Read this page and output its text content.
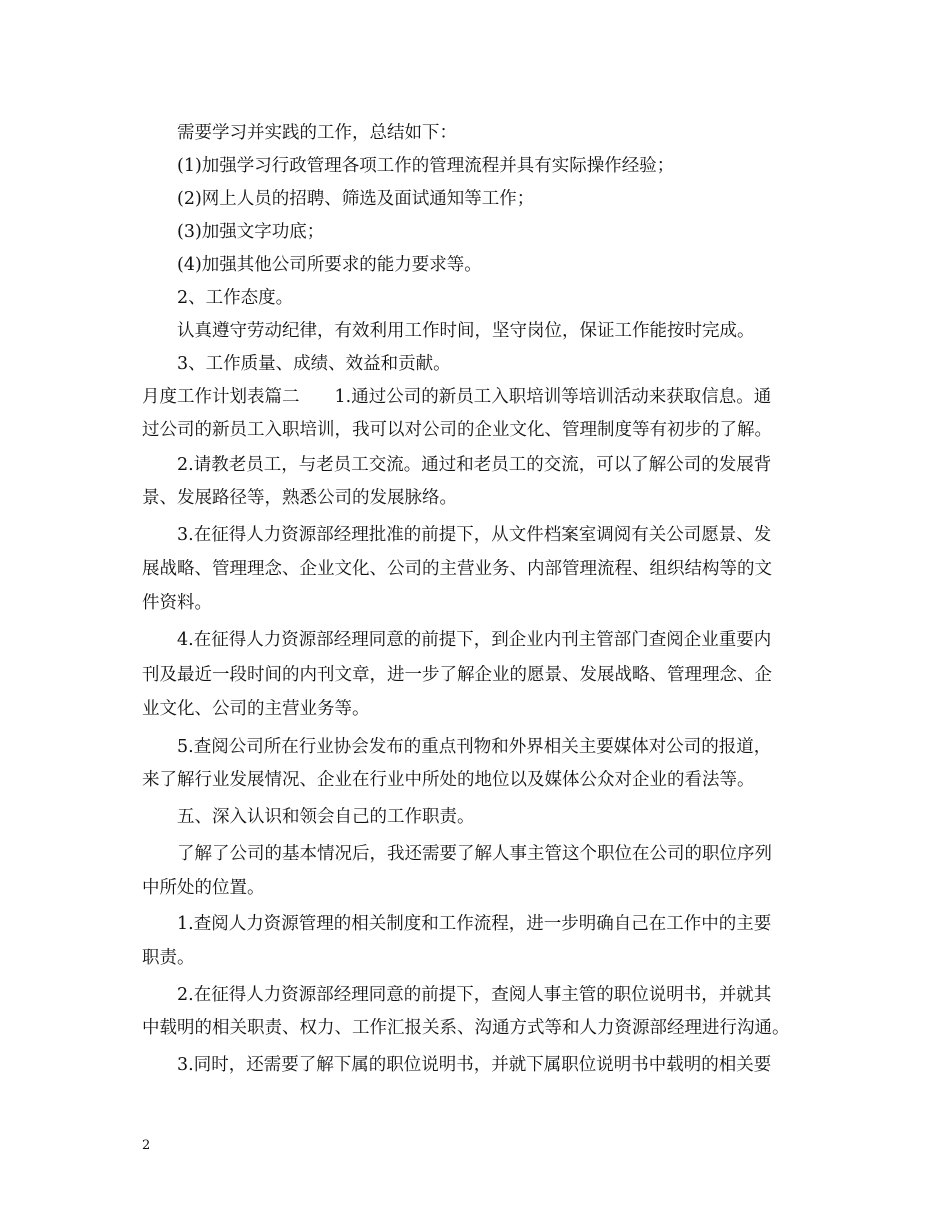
需要学习并实践的工作，总结如下：
(1)加强学习行政管理各项工作的管理流程并具有实际操作经验；
(2)网上人员的招聘、筛选及面试通知等工作；
(3)加强文字功底；
(4)加强其他公司所要求的能力要求等。
2、工作态度。
认真遵守劳动纪律，有效利用工作时间，坚守岗位，保证工作能按时完成。
3、工作质量、成绩、效益和贡献。
月度工作计划表篇二　　1.通过公司的新员工入职培训等培训活动来获取信息。通
过公司的新员工入职培训，我可以对公司的企业文化、管理制度等有初步的了解。
2.请教老员工，与老员工交流。通过和老员工的交流，可以了解公司的发展背
景、发展路径等，熟悉公司的发展脉络。
3.在征得人力资源部经理批准的前提下，从文件档案室调阅有关公司愿景、发
展战略、管理理念、企业文化、公司的主营业务、内部管理流程、组织结构等的文
件资料。
4.在征得人力资源部经理同意的前提下，到企业内刊主管部门查阅企业重要内
刊及最近一段时间的内刊文章，进一步了解企业的愿景、发展战略、管理理念、企
业文化、公司的主营业务等。
5.查阅公司所在行业协会发布的重点刊物和外界相关主要媒体对公司的报道，
来了解行业发展情况、企业在行业中所处的地位以及媒体公众对企业的看法等。
五、深入认识和领会自己的工作职责。
了解了公司的基本情况后，我还需要了解人事主管这个职位在公司的职位序列
中所处的位置。
1.查阅人力资源管理的相关制度和工作流程，进一步明确自己在工作中的主要
职责。
2.在征得人力资源部经理同意的前提下，查阅人事主管的职位说明书，并就其
中载明的相关职责、权力、工作汇报关系、沟通方式等和人力资源部经理进行沟通。
3.同时，还需要了解下属的职位说明书，并就下属职位说明书中载明的相关要
2
